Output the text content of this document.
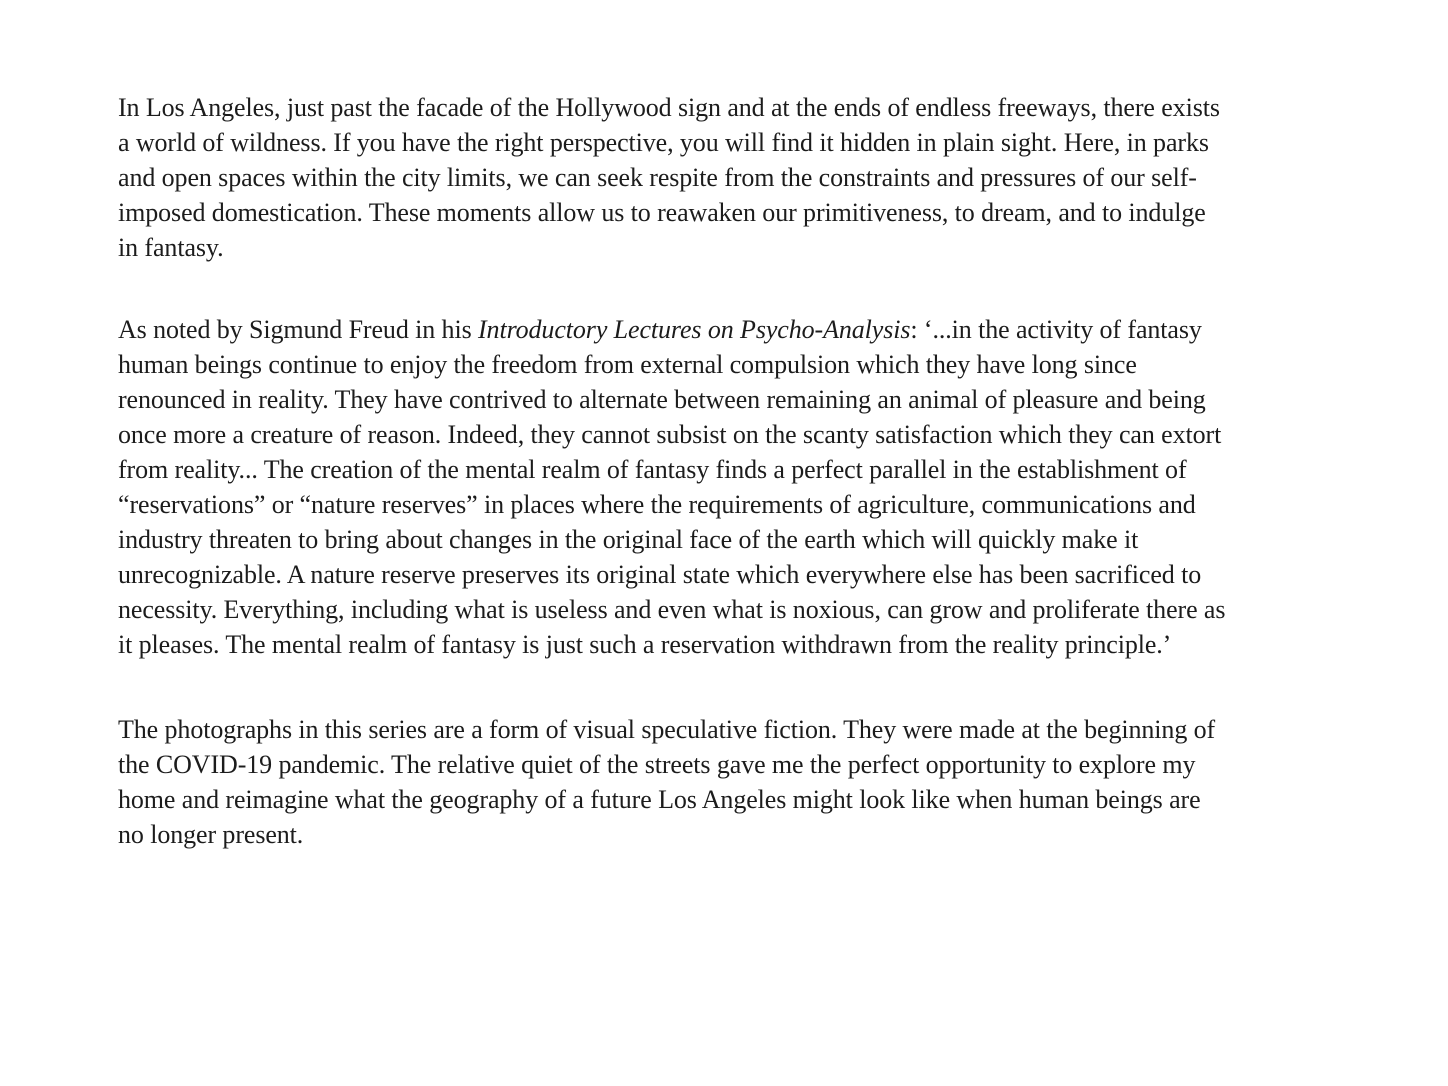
In Los Angeles, just past the facade of the Hollywood sign and at the ends of endless freeways, there exists a world of wildness. If you have the right perspective, you will find it hidden in plain sight. Here, in parks and open spaces within the city limits, we can seek respite from the constraints and pressures of our self-imposed domestication. These moments allow us to reawaken our primitiveness, to dream, and to indulge in fantasy.

As noted by Sigmund Freud in his Introductory Lectures on Psycho-Analysis: ‘...in the activity of fantasy human beings continue to enjoy the freedom from external compulsion which they have long since renounced in reality. They have contrived to alternate between remaining an animal of pleasure and being once more a creature of reason. Indeed, they cannot subsist on the scanty satisfaction which they can extort from reality... The creation of the mental realm of fantasy finds a perfect parallel in the establishment of “reservations” or “nature reserves” in places where the requirements of agriculture, communications and industry threaten to bring about changes in the original face of the earth which will quickly make it unrecognizable. A nature reserve preserves its original state which everywhere else has been sacrificed to necessity. Everything, including what is useless and even what is noxious, can grow and proliferate there as it pleases. The mental realm of fantasy is just such a reservation withdrawn from the reality principle.’

The photographs in this series are a form of visual speculative fiction. They were made at the beginning of the COVID-19 pandemic. The relative quiet of the streets gave me the perfect opportunity to explore my home and reimagine what the geography of a future Los Angeles might look like when human beings are no longer present.
